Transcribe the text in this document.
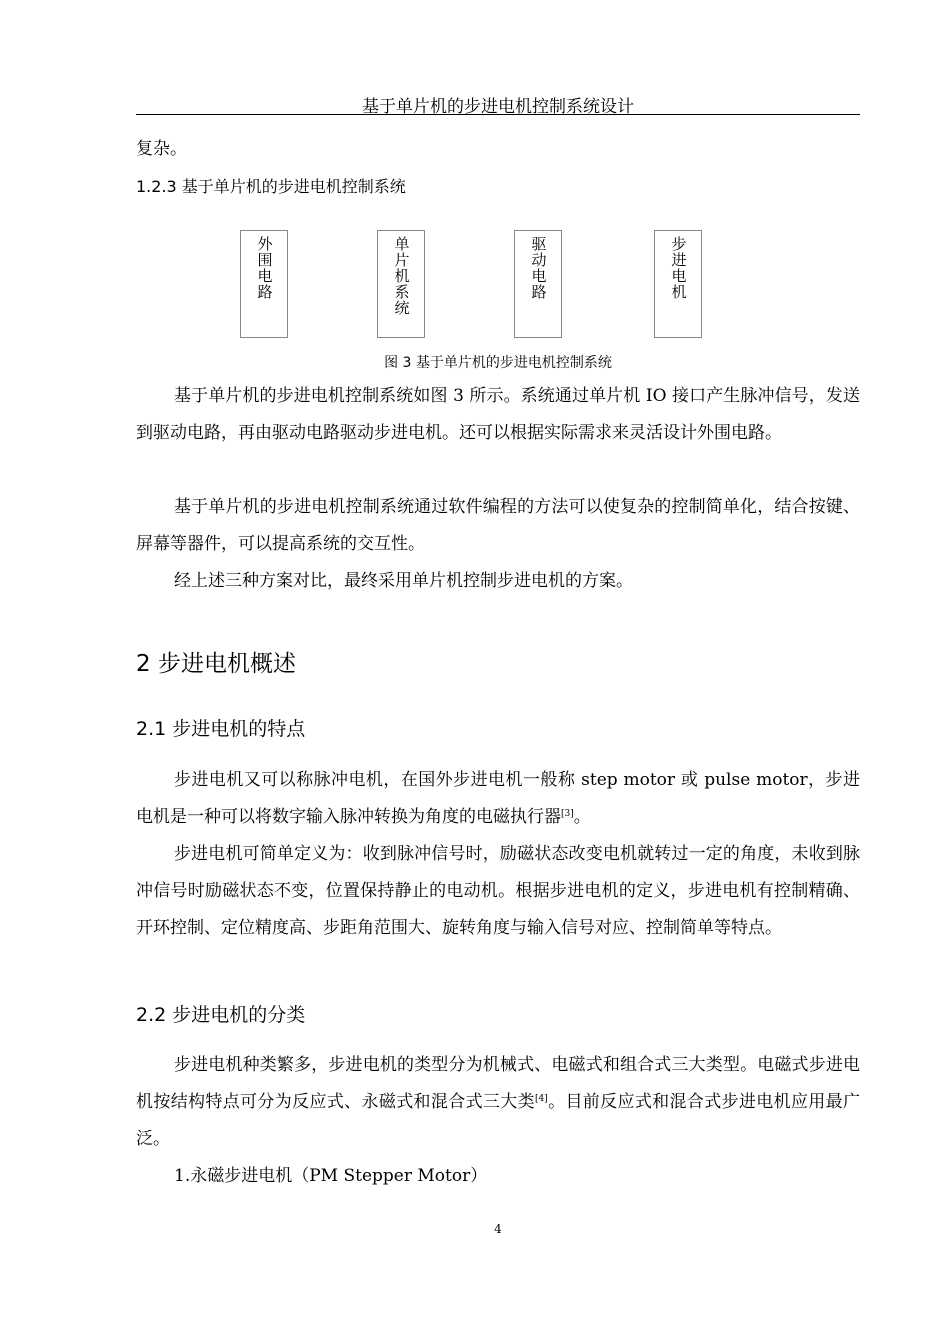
基于单片机的步进电机控制系统设计
复杂。
1.2.3 基于单片机的步进电机控制系统
外围电路	单片机系统	驱动电路	步进电机
图 3 基于单片机的步进电机控制系统
基于单片机的步进电机控制系统如图 3 所示。系统通过单片机 IO 接口产生脉冲信号，发送到驱动电路，再由驱动电路驱动步进电机。还可以根据实际需求来灵活设计外围电路。
基于单片机的步进电机控制系统通过软件编程的方法可以使复杂的控制简单化，结合按键、屏幕等器件，可以提高系统的交互性。
经上述三种方案对比，最终采用单片机控制步进电机的方案。
2 步进电机概述
2.1 步进电机的特点
步进电机又可以称脉冲电机，在国外步进电机一般称 step motor 或 pulse motor，步进电机是一种可以将数字输入脉冲转换为角度的电磁执行器[3]。
步进电机可简单定义为：收到脉冲信号时，励磁状态改变电机就转过一定的角度，未收到脉冲信号时励磁状态不变，位置保持静止的电动机。根据步进电机的定义，步进电机有控制精确、开环控制、定位精度高、步距角范围大、旋转角度与输入信号对应、控制简单等特点。
2.2 步进电机的分类
步进电机种类繁多，步进电机的类型分为机械式、电磁式和组合式三大类型。电磁式步进电机按结构特点可分为反应式、永磁式和混合式三大类[4]。目前反应式和混合式步进电机应用最广泛。
1.永磁步进电机（PM Stepper Motor）
4
